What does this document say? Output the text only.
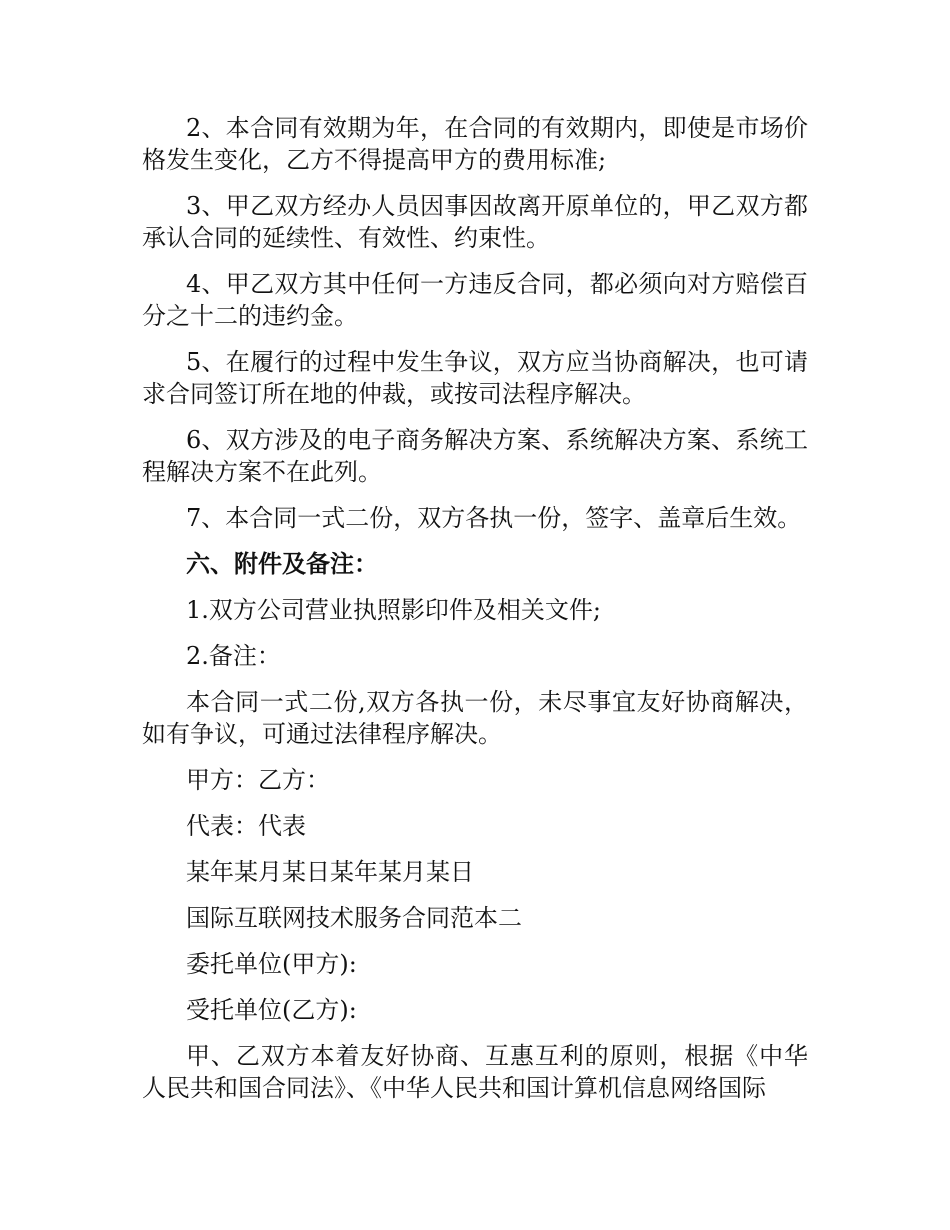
2、本合同有效期为年，在合同的有效期内，即使是市场价格发生变化，乙方不得提高甲方的费用标准;

3、甲乙双方经办人员因事因故离开原单位的，甲乙双方都承认合同的延续性、有效性、约束性。

4、甲乙双方其中任何一方违反合同，都必须向对方赔偿百分之十二的违约金。

5、在履行的过程中发生争议，双方应当协商解决，也可请求合同签订所在地的仲裁，或按司法程序解决。

6、双方涉及的电子商务解决方案、系统解决方案、系统工程解决方案不在此列。

7、本合同一式二份，双方各执一份，签字、盖章后生效。

六、附件及备注：

1.双方公司营业执照影印件及相关文件;

2.备注：

本合同一式二份,双方各执一份，未尽事宜友好协商解决，如有争议，可通过法律程序解决。

甲方：乙方：

代表：代表

某年某月某日某年某月某日

国际互联网技术服务合同范本二

委托单位(甲方):

受托单位(乙方):

甲、乙双方本着友好协商、互惠互利的原则，根据《中华人民共和国合同法》、《中华人民共和国计算机信息网络国际
